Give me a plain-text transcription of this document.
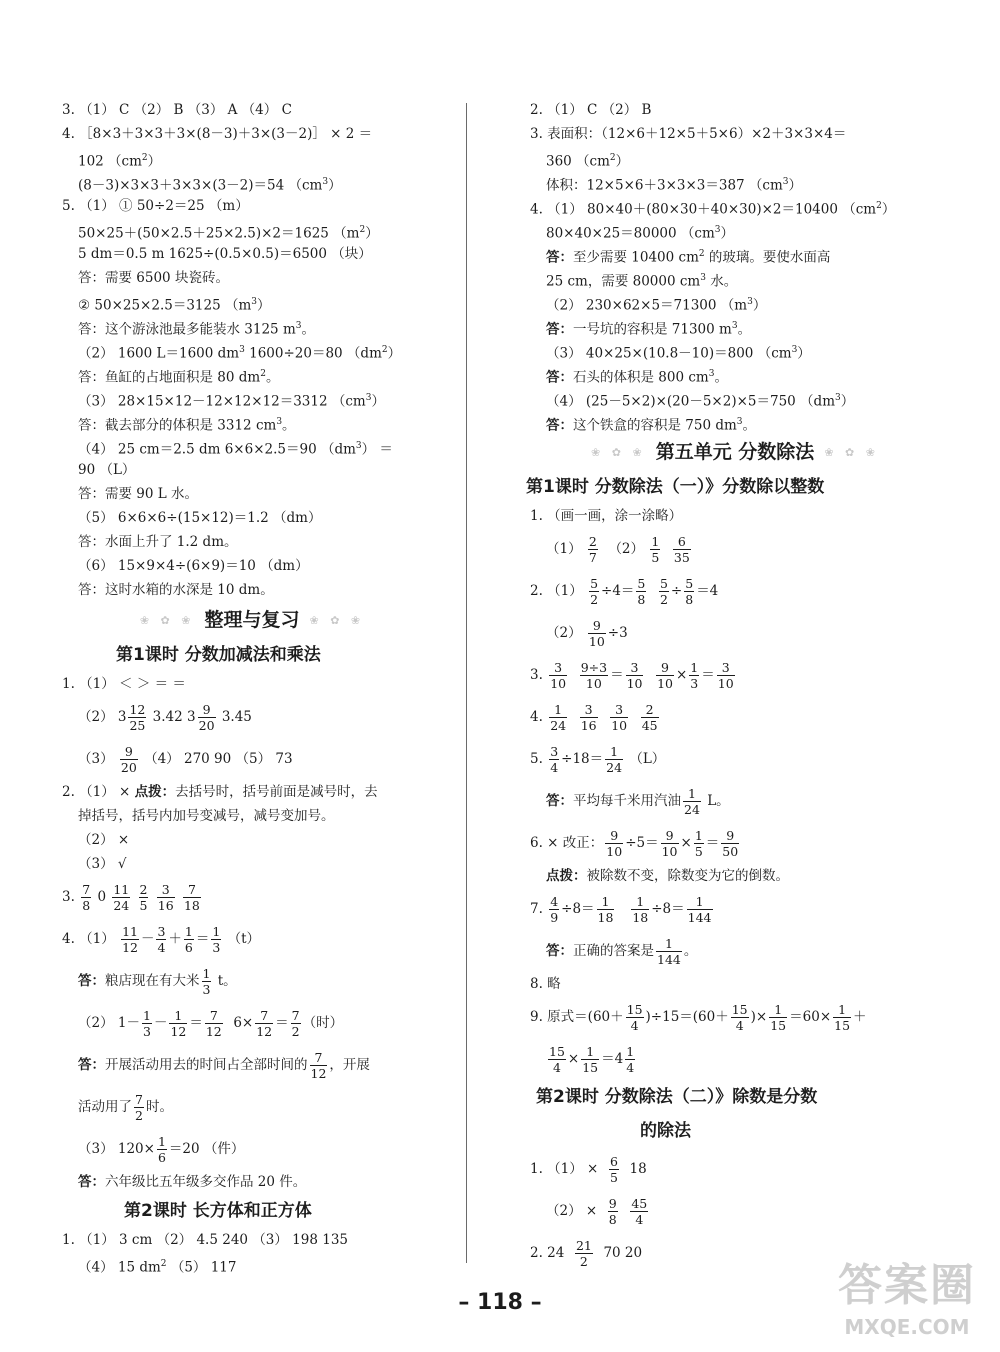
3. （1） C （2） B （3） A （4） C
4. ［8×3＋3×3＋3×(8－3)＋3×(3－2)］ × 2 ＝
102 $(cm^2)$
(8－3)×3×3＋3×3×(3－2)＝54 $(cm^3)$
5. （1） ① 50÷2＝25 （m）
50×25＋(50×2.5＋25×2.5)×2＝1625 $(m^2)$
5 dm＝0.5 m 1625÷(0.5×0.5)＝6500 （块）
答：需要 6500 块瓷砖。
② 50×25×2.5＝3125 $(m^3)$
答：这个游泳池最多能装水 3125 $m^3$。
（2） 1600 L＝1600 $dm^3$ 1600÷20＝80 $(dm^2)$
答：鱼缸的占地面积是 80 $dm^2$。
（3） 28×15×12－12×12×12＝3312 $(cm^3)$
答：截去部分的体积是 3312 $cm^3$。
（4） 25 cm＝2.5 dm 6×6×2.5＝90 $(dm^3)$ ＝
90 （L）
答：需要 90 L 水。
（5） 6×6×6÷(15×12)＝1.2 （dm）
答：水面上升了 1.2 dm。
（6） 15×9×4÷(6×9)＝10 （dm）
答：这时水箱的水深是 10 dm。
❀ ✿ ❀ 整理与复习 ❀ ✿ ❀
第1课时 分数加减法和乘法
1. （1） ＜ ＞ ＝ ＝
（2） $3 \frac{12}{25} 3.42$ $3 \frac{9}{20} 3.45$
$(3) \frac{9}{20} (4)$ 270 90 （5） 73
2. （1） × 点拨：去括号时，括号前面是减号时，去
掉括号，括号内加号变减号，减号变加号。
（2） ×
（3） √
3. $\frac{7}{8} 0 \frac{11}{24}$
$\frac{2}{5}$
$\frac{3}{16}$
$\frac{7}{18}$
4. $(1) \frac{11}{12} - \frac{3}{4} + \frac{1}{6} = \frac{1}{3} (t)$
答：粮店现在有大米 $\frac{1}{3}$ t。
（2） $1- \frac{1}{3} - \frac{1}{12} = \frac{7}{12} 6\times \frac{7}{12} = \frac{7}{2}$ （时）
答：开展活动用去的时间占全部时间的 $\frac{7}{12}$ ，开展
活动用了 $\frac{7}{2}$ 时。
（3） $120\times \frac{1}{6} =20$ （件）
答：六年级比五年级多交作品 20 件。
第2课时 长方体和正方体
1. （1） 3 cm （2） 4.5 240 （3） 198 135
（4） 15 $dm^2$ （5） 117
2. （1） C （2） B
3. 表面积：（12×6＋12×5＋5×6）×2＋3×3×4＝
360 $(cm^2)$
体积：12×5×6＋3×3×3＝387 $(cm^3)$
4. （1） 80×40＋(80×30＋40×30)×2＝10400 $(cm^2)$
80×40×25＝80000 $(cm^3)$
答：至少需要 10400 $cm^2$ 的玻璃。要使水面高
25 cm，需要 80000 $cm^3$ 水。
（2） 230×62×5＝71300 $(m^3)$
答：一号坑的容积是 71300 $m^3$。
（3） 40×25×(10.8－10)＝800 $(cm^3)$
答：石头的体积是 800 $cm^3$。
（4） (25－5×2)×(20－5×2)×5＝750 $(dm^3)$
答：这个铁盒的容积是 750 $dm^3$。
❀ ✿ ❀ 第五单元 分数除法 ❀ ✿ ❀
第1课时 分数除法（一）》分数除以整数
1. （画一画，涂一涂略）
$(1) \frac{2}{7} (2) \frac{1}{5}$
$\frac{6}{35}$
2. $(1) \frac{5}{2} \div 4= \frac{5}{8}$
$\frac{5}{2} \div \frac{5}{8} =4$
$(2) \frac{9}{10} \div 3$
3. $\frac{3}{10}$
$\frac{9\div 3}{10} = \frac{3}{10}$
$\frac{9}{10} \times \frac{1}{3} = \frac{3}{10}$
4. $\frac{1}{24}$
$\frac{3}{16}$
$\frac{3}{10}$
$\frac{2}{45}$
5. $\frac{3}{4} \div 18= \frac{1}{24} (L)$
答：平均每千米用汽油 $\frac{1}{24}$ L。
6. × 改正： $\frac{9}{10} \div 5= \frac{9}{10} \times \frac{1}{5} = \frac{9}{50}$
点拨：被除数不变，除数变为它的倒数。
7. $\frac{4}{9} \div 8= \frac{1}{18}$
$\frac{1}{18} \div 8= \frac{1}{144}$
答：正确的答案是 $\frac{1}{144}$ 。
8. 略
9. 原式$=(60+ \frac{15}{4} )\div 15=(60+ \frac{15}{4}$ )× $\frac{1}{15} =60\times \frac{1}{15}$ ＋
$\frac{15}{4} \times \frac{1}{15} =4 \frac{1}{4}$
第2课时 分数除法（二）》除数是分数
的除法
1. $(1) \times \frac{6}{5} 18$
$(2) \times \frac{9}{8}$
$\frac{45}{4}$
2. $24 \frac{21}{2} 70$ 20
– 118 –	答案圈
MXQE.COM
